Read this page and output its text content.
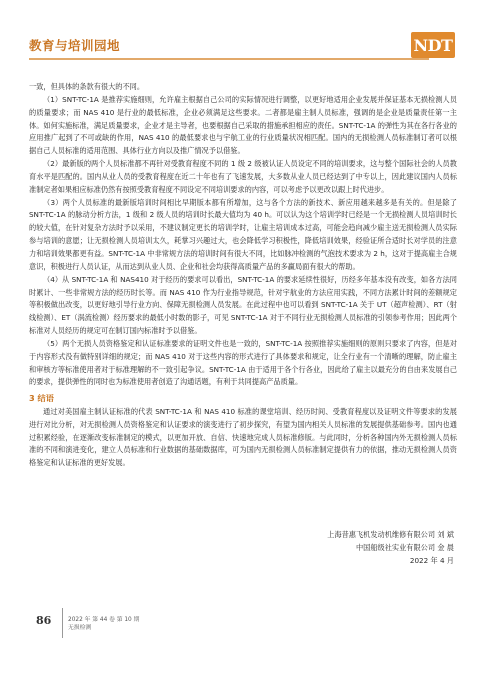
教育与培训园地	NDT

一致，但具体的条款有很大的不同。

（1）SNT-TC-1A 是推荐实施细则，允许雇主根据自己公司的实际情况进行调整，以更好地适用企业发展并保证基本无损检测人员的质量要求；而 NAS 410 是行业的最低标准，企业必须满足这些要求。二者都是雇主制人员标准，强调的是企业是质量责任第一主体。如何实施标准，满足质量要求，企业才是主导者，也要根据自己采取的措施承担相应的责任。SNT-TC-1A 的弹性为其在各行各业的应用推广起到了不可或缺的作用，NAS 410 的最低要求也与宇航工业的行业质量状况相匹配。国内的无损检测人员标准制订者可以根据自己人员标准的适用范围、具体行业方向以及推广情况予以借鉴。

（2）最新版的两个人员标准都不再针对受教育程度不同的 1 级 2 级被认证人员设定不同的培训要求，这与整个国际社会的人员教育水平是匹配的。国内从业人员的受教育程度在近二十年也有了飞速发展，大多数从业人员已经达到了中专以上，因此建议国内人员标准制定者如果相应标准仍然有按照受教育程度不同设定不同培训要求的内容，可以考虑予以更改以跟上时代进步。

（3）两个人员标准的最新版培训时间相比早期版本都有所增加，这与各个方法的新技术、新应用越来越多是有关的。但是除了 SNT-TC-1A 的脉动分析方法，1 级和 2 级人员的培训时长最大值均为 40 h。可以认为这个培训学时已经是一个无损检测人员培训时长的较大值，在针对复杂方法时予以采用，不建议制定更长的培训学时，让雇主培训成本过高，可能会趋向减少雇主送无损检测人员实际参与培训的意愿；让无损检测人员培训太久，耗掌习兴趣过大，也会降低学习积极性，降低培训效果，经验证所合适时长对学员的注意力和培训效果都更有益。SNT-TC-1A 中非常规方法的培训时间有很大不同，比如脉冲检测的气泡技术要求为 2 h，这对于提高雇主合规意识，积极进行人员认证，从而达到从业人员、企业和社会均获得高质量产品的多赢局面有很大的帮助。

（4）从 SNT-TC-1A 和 NAS410 对于经历的要求可以看出，SNT-TC-1A 的要求延续性很好，历经多年基本没有改变，如各方法同时累计、一些非常规方法的经历时长等。而 NAS 410 作为行业指导规范，针对宇航业的方法应用实践，不同方法累计时间的差额规定等积极做出改变，以更好地引导行业方向、保障无损检测人员发展。在此过程中也可以看到 SNT-TC-1A 关于 UT（超声检测）、RT（射线检测）、ET（涡流检测）经历要求的最低小时数的影子，可见 SNT-TC-1A 对于不同行业无损检测人员标准的引领参考作用；因此两个标准对人员经历的规定可在制订国内标准时予以借鉴。

（5）两个无损人员资格鉴定和认证标准要求的证明文件也是一致的，SNT-TC-1A 按照推荐实施细则的原则只要求了内容，但是对于内容形式没有做特别详细的规定；而 NAS 410 对于这些内容的形式进行了具体要求和规定，让全行业有一个清晰的理解，防止雇主和审核方等标准使用者对于标准理解的不一致引起争议。SNT-TC-1A 由于适用于各个行各业，因此给了雇主以最充分的自由来发展自己的要求，提供弹性的同时也为标准使用者创造了沟通话题，有利于共同提高产品质量。

3 结语

通过对美国雇主制认证标准的代表 SNT-TC-1A 和 NAS 410 标准的课堂培训、经历时间、受教育程度以及证明文件等要求的发展进行对比分析，对无损检测人员资格鉴定和认证要求的演变进行了初步探究，有望为国内相关人员标准的发展提供基础参考。国内也通过积累经验，在逐渐改变标准制定的模式，以更加开放、自信、快速地完成人员标准修版。与此同时，分析各种国内外无损检测人员标准的不同和演进变化，建立人员标准和行业数据的基础数据库，可为国内无损检测人员标准制定提供有力的依据，推动无损检测人员资格鉴定和认证标准的更好发展。

上海昔惠飞机发动机维修有限公司 刘 斌
中国船级社实业有限公司 金 晨
2022 年 4 月
86	2022 年 第 44 卷 第 10 期
无损检测
